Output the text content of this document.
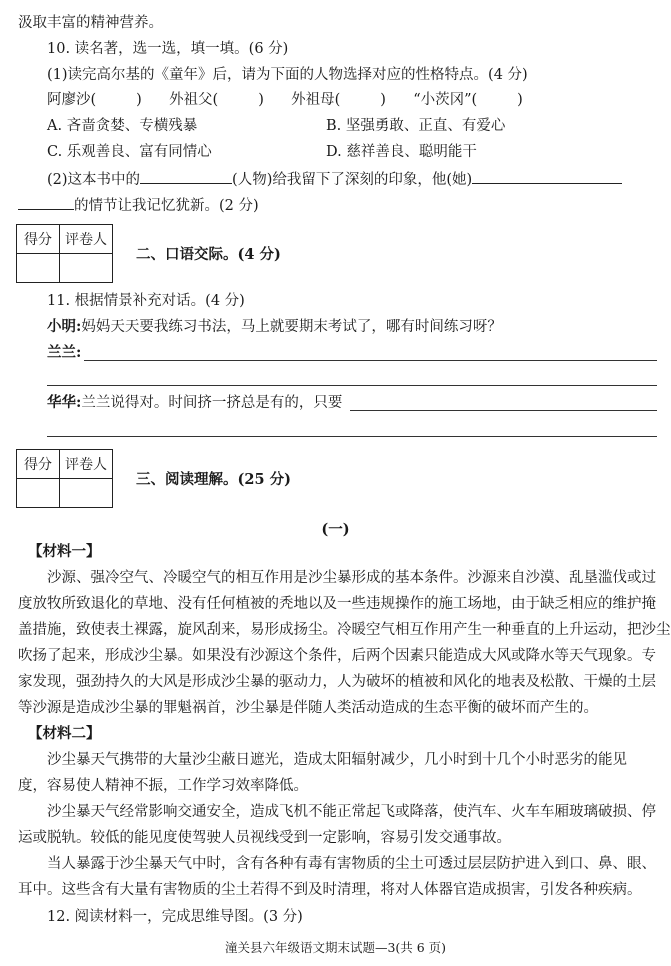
汲取丰富的精神营养。
10. 读名著，选一选，填一填。(6 分)
(1)读完高尔基的《童年》后，请为下面的人物选择对应的性格特点。(4 分)
阿廖沙(	) 外祖父(	) 外祖母(	) “小茨冈”(	)
A. 吝啬贪婪、专横残暴	B. 坚强勇敢、正直、有爱心
C. 乐观善良、富有同情心	D. 慈祥善良、聪明能干
(2)这本书中的	(人物)给我留下了深刻的印象，他(她)
的情节让我记忆犹新。(2 分)
得分	评卷人

二、口语交际。(4 分)
11. 根据情景补充对话。(4 分)
小明:妈妈天天要我练习书法，马上就要期末考试了，哪有时间练习呀？
兰兰:
华华:兰兰说得对。时间挤一挤总是有的，只要
得分	评卷人

三、阅读理解。(25 分)
(一)
【材料一】
沙源、强冷空气、冷暖空气的相互作用是沙尘暴形成的基本条件。沙源来自沙漠、乱垦滥伐或过
度放牧所致退化的草地、没有任何植被的秃地以及一些违规操作的施工场地，由于缺乏相应的维护掩
盖措施，致使表土裸露，旋风刮来，易形成扬尘。冷暖空气相互作用产生一种垂直的上升运动，把沙尘
吹扬了起来，形成沙尘暴。如果没有沙源这个条件，后两个因素只能造成大风或降水等天气现象。专
家发现，强劲持久的大风是形成沙尘暴的驱动力，人为破坏的植被和风化的地表及松散、干燥的土层
等沙源是造成沙尘暴的罪魁祸首，沙尘暴是伴随人类活动造成的生态平衡的破坏而产生的。
【材料二】
沙尘暴天气携带的大量沙尘蔽日遮光，造成太阳辐射减少，几小时到十几个小时恶劣的能见
度，容易使人精神不振，工作学习效率降低。
沙尘暴天气经常影响交通安全，造成飞机不能正常起飞或降落，使汽车、火车车厢玻璃破损、停
运或脱轨。较低的能见度使驾驶人员视线受到一定影响，容易引发交通事故。
当人暴露于沙尘暴天气中时，含有各种有毒有害物质的尘土可透过层层防护进入到口、鼻、眼、
耳中。这些含有大量有害物质的尘土若得不到及时清理，将对人体器官造成损害，引发各种疾病。
12. 阅读材料一，完成思维导图。(3 分)
潼关县六年级语文期末试题—3(共 6 页)
